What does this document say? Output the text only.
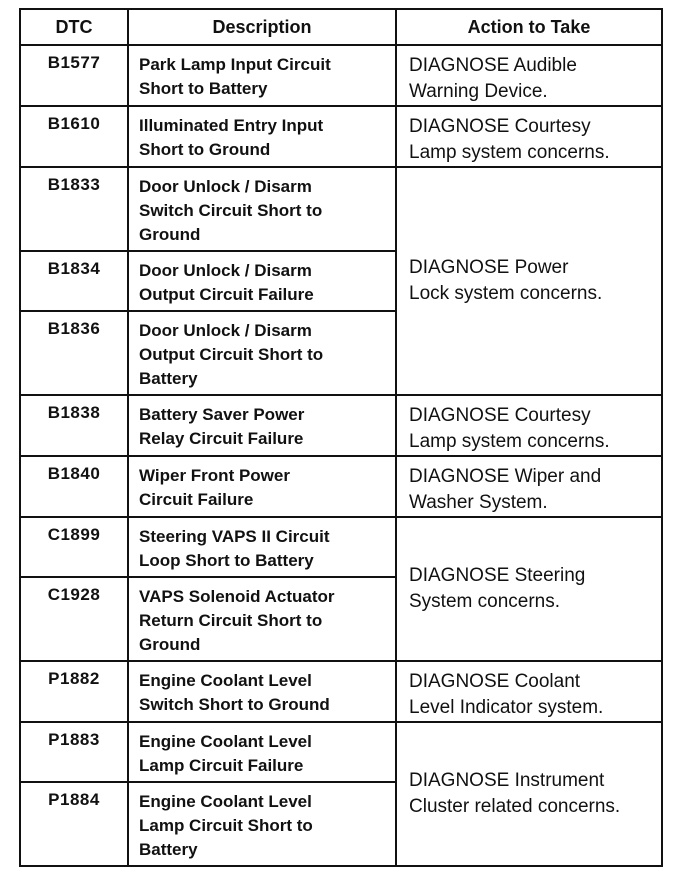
DTC	Description	Action to Take
B1577	Park Lamp Input Circuit
Short to Battery	DIAGNOSE Audible
Warning Device.

B1610	Illuminated Entry Input
Short to Ground	DIAGNOSE Courtesy
Lamp system concerns.

B1833	Door Unlock / Disarm
Switch Circuit Short to
Ground	DIAGNOSE Power
Lock system concerns.

B1834	Door Unlock / Disarm
Output Circuit Failure	

B1836	Door Unlock / Disarm
Output Circuit Short to
Battery	

B1838	Battery Saver Power
Relay Circuit Failure	DIAGNOSE Courtesy
Lamp system concerns.

B1840	Wiper Front Power
Circuit Failure	DIAGNOSE Wiper and
Washer System.

C1899	Steering VAPS II Circuit
Loop Short to Battery	DIAGNOSE Steering
System concerns.

C1928	VAPS Solenoid Actuator
Return Circuit Short to
Ground	

P1882	Engine Coolant Level
Switch Short to Ground	DIAGNOSE Coolant
Level Indicator system.

P1883	Engine Coolant Level
Lamp Circuit Failure	DIAGNOSE Instrument
Cluster related concerns.

P1884	Engine Coolant Level
Lamp Circuit Short to
Battery	
